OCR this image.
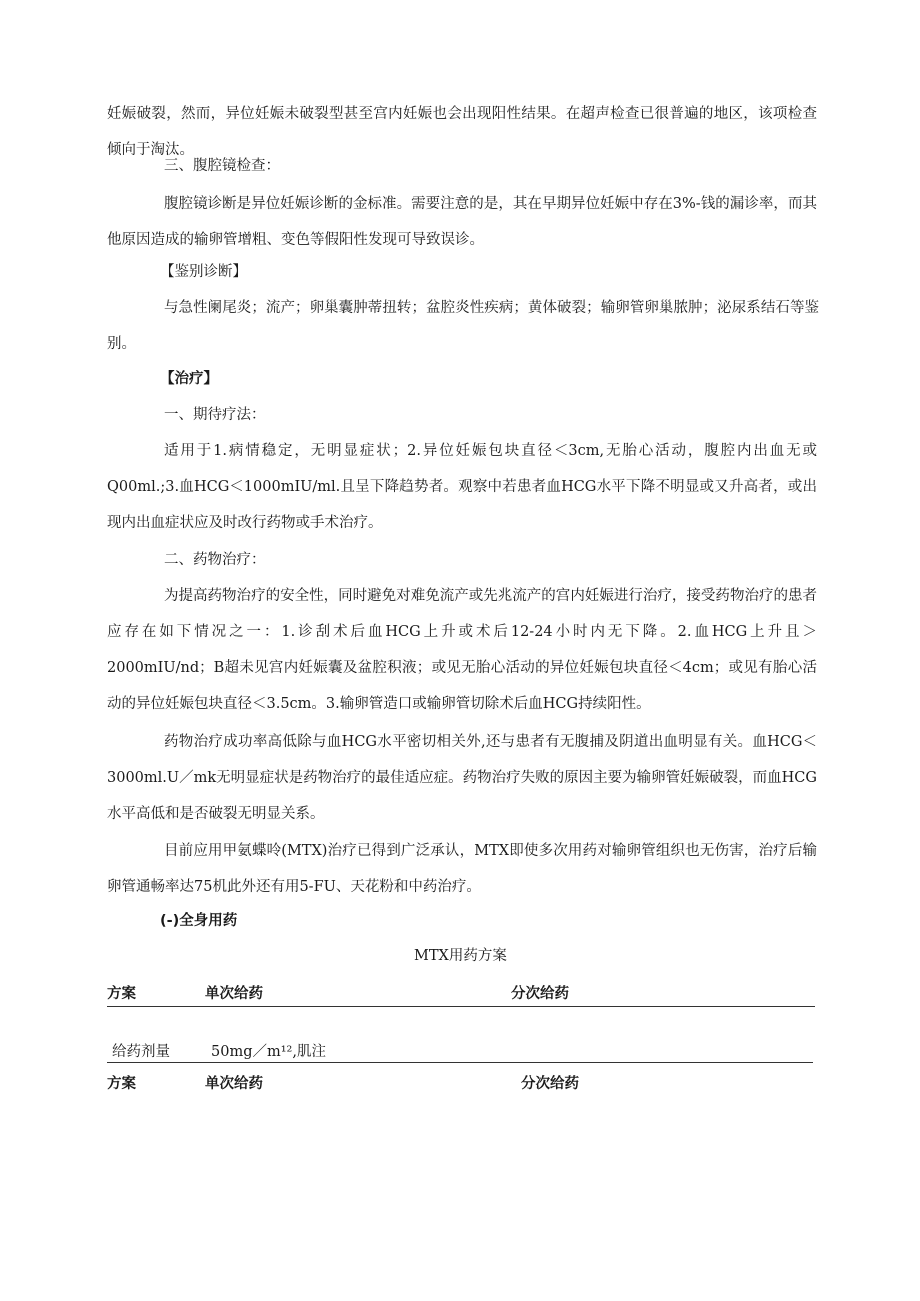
妊娠破裂，然而，异位妊娠未破裂型甚至宫内妊娠也会出现阳性结果。在超声检查已很普遍的地区，该项检查倾向于淘汰。

三、腹腔镜检查：

腹腔镜诊断是异位妊娠诊断的金标准。需要注意的是，其在早期异位妊娠中存在3%-钱的漏诊率，而其他原因造成的输卵管增粗、变色等假阳性发现可导致误诊。

【鉴别诊断】

与急性阑尾炎；流产；卵巢囊肿蒂扭转；盆腔炎性疾病；黄体破裂；输卵管卵巢脓肿；泌尿系结石等鉴别。

【治疗】

一、期待疗法：

适用于1.病情稳定，无明显症状；2.异位妊娠包块直径＜3cm,无胎心活动，腹腔内出血无或Q00ml.;3.血HCG＜1000mIU/ml.且呈下降趋势者。观察中若患者血HCG水平下降不明显或又升高者，或出现内出血症状应及时改行药物或手术治疗。

二、药物治疗：

为提高药物治疗的安全性，同时避免对难免流产或先兆流产的宫内妊娠进行治疗，接受药物治疗的患者应存在如下情况之一：1.诊刮术后血HCG上升或术后12-24小时内无下降。2.血HCG上升且＞2000mIU/nd；B超未见宫内妊娠囊及盆腔积液；或见无胎心活动的异位妊娠包块直径＜4cm；或见有胎心活动的异位妊娠包块直径＜3.5cm。3.输卵管造口或输卵管切除术后血HCG持续阳性。

药物治疗成功率高低除与血HCG水平密切相关外,还与患者有无腹捕及阴道出血明显有关。血HCG＜3000ml.U／mk无明显症状是药物治疗的最佳适应症。药物治疗失败的原因主要为输卵管妊娠破裂，而血HCG水平高低和是否破裂无明显关系。

目前应用甲氨蝶呤(MTX)治疗已得到广泛承认，MTX即使多次用药对输卵管组织也无伤害，治疗后输卵管通畅率达75机此外还有用5-FU、天花粉和中药治疗。

(-)全身用药

MTX用药方案

方案	单次给药	分次给药
给药剂量	50mg／m¹²,肌注
方案	单次给药	分次给药
